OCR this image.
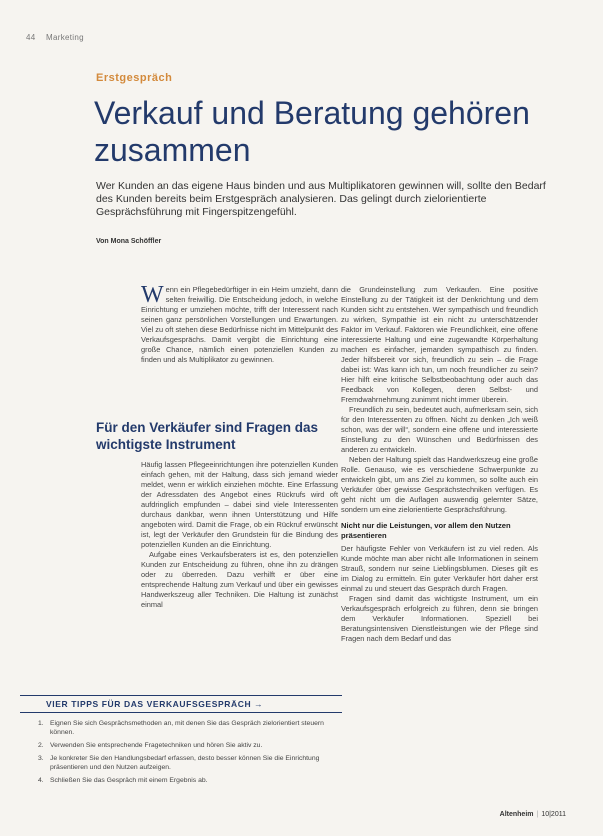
44 Marketing
Erstgespräch
Verkauf und Beratung gehören zusammen

Wer Kunden an das eigene Haus binden und aus Multiplikatoren gewinnen will, sollte den Bedarf des Kunden bereits beim Erstgespräch analysieren. Das gelingt durch zielorientierte Gesprächsführung mit Fingerspitzengefühl.

Von Mona Schöffler

Wenn ein Pflegebedürftiger in ein Heim umzieht, dann selten freiwillig. Die Entscheidung jedoch, in welche Einrichtung er umziehen möchte, trifft der Interessent nach seinen ganz persönlichen Vorstellungen und Erwartungen. Viel zu oft stehen diese Bedürfnisse nicht im Mittelpunkt des Verkaufsgesprächs. Damit vergibt die Einrichtung eine große Chance, nämlich einen potenziellen Kunden zu finden und als Multiplikator zu gewinnen.

Für den Verkäufer sind Fragen das wichtigste Instrument

Häufig lassen Pflegeeinrichtungen ihre potenziellen Kunden einfach gehen, mit der Haltung, dass sich jemand wieder meldet, wenn er wirklich einziehen möchte. Eine Erfassung der Adressdaten des Angebot eines Rückrufs wird oft aufdringlich empfunden – dabei sind viele Interessenten durchaus dankbar, wenn ihnen Unterstützung und Hilfe angeboten wird. Damit die Frage, ob ein Rückruf erwünscht ist, legt der Verkäufer den Grundstein für die Bindung des potenziellen Kunden an die Einrichtung.

Aufgabe eines Verkaufsberaters ist es, den potenziellen Kunden zur Entscheidung zu führen, ohne ihn zu drängen oder zu überreden. Dazu verhilft er über eine entsprechende Haltung zum Verkauf und über ein gewisses Handwerkszeug aller Techniken. Die Haltung ist zunächst einmal

die Grundeinstellung zum Verkaufen. Eine positive Einstellung zu der Tätigkeit ist der Denkrichtung und dem Kunden sicht zu entstehen. Wer sympathisch und freundlich zu wirken, Sympathie ist ein nicht zu unterschätzender Faktor im Verkauf. Faktoren wie Freundlichkeit, eine offene interessierte Haltung und eine zugewandte Körperhaltung machen es einfacher, jemanden sympathisch zu finden. Jeder hilfsbereit vor sich, freundlich zu sein – die Frage dabei ist: Was kann ich tun, um noch freundlicher zu sein? Hier hilft eine kritische Selbstbeobachtung oder auch das Feedback von Kollegen, deren Selbst- und Fremdwahrnehmung zunimmt nicht immer überein.

Freundlich zu sein, bedeutet auch, aufmerksam sein, sich für den Interessenten zu öffnen. Nicht zu denken „Ich weiß schon, was der will“, sondern eine offene und interessierte Einstellung zu den Wünschen und Bedürfnissen des anderen zu entwickeln.

Neben der Haltung spielt das Handwerkszeug eine große Rolle. Genauso, wie es verschiedene Schwerpunkte zu entwickeln gibt, um ans Ziel zu kommen, so sollte auch ein Verkäufer über gewisse Gesprächstechniken verfügen. Es geht nicht um die Auflagen auswendig gelernter Sätze, sondern um eine zielorientierte Gesprächsführung.

Nicht nur die Leistungen, vor allem den Nutzen präsentieren

Der häufigste Fehler von Verkäufern ist zu viel reden. Als Kunde möchte man aber nicht alle Informationen in seinem Strauß, sondern nur seine Lieblingsblumen. Dieses gilt es im Dialog zu ermitteln. Ein guter Verkäufer hört daher erst einmal zu und steuert das Gespräch durch Fragen.

Fragen sind damit das wichtigste Instrument, um ein Verkaufsgespräch erfolgreich zu führen, denn sie bringen dem Verkäufer Informationen. Speziell bei Beratungsintensiven Dienstleistungen wie der Pflege sind Fragen nach dem Bedarf und das

VIER TIPPS FÜR DAS VERKAUFSGESPRÄCH →
1. Eignen Sie sich Gesprächsmethoden an, mit denen Sie das Gespräch zielorientiert steuern können.
2. Verwenden Sie entsprechende Fragetechniken und hören Sie aktiv zu.
3. Je konkreter Sie den Handlungsbedarf erfassen, desto besser können Sie die Einrichtung präsentieren und den Nutzen aufzeigen.
4. Schließen Sie das Gespräch mit einem Ergebnis ab.
Altenheim | 10|2011
